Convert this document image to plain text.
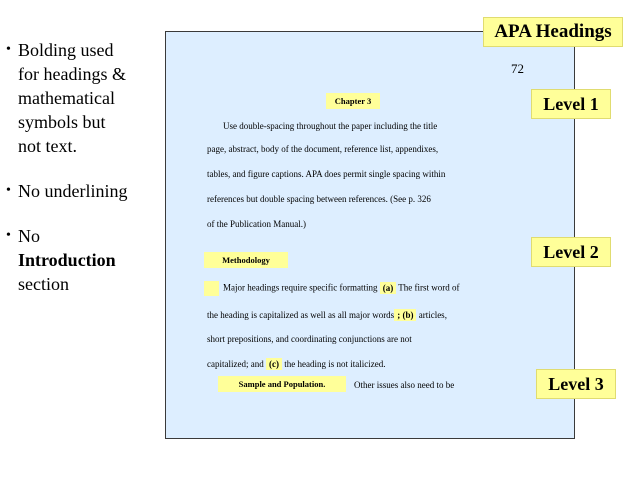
• Bolding used
for headings &
mathematical
symbols but
not text.
• No underlining
• No
Introduction
section
72
Chapter 3
Use double-spacing throughout the paper including the title
page, abstract, body of the document, reference list, appendixes,
tables, and figure captions. APA does permit single spacing within
references but double spacing between references. (See p. 326
of the Publication Manual.)
Methodology
Major headings require specific formatting (a) The first word of
the heading is capitalized as well as all major words ; (b) articles,
short prepositions, and coordinating conjunctions are not
capitalized; and (c) the heading is not italicized.
Sample and Population.	Other issues also need to be
APA Headings
Level 1
Level 2
Level 3
